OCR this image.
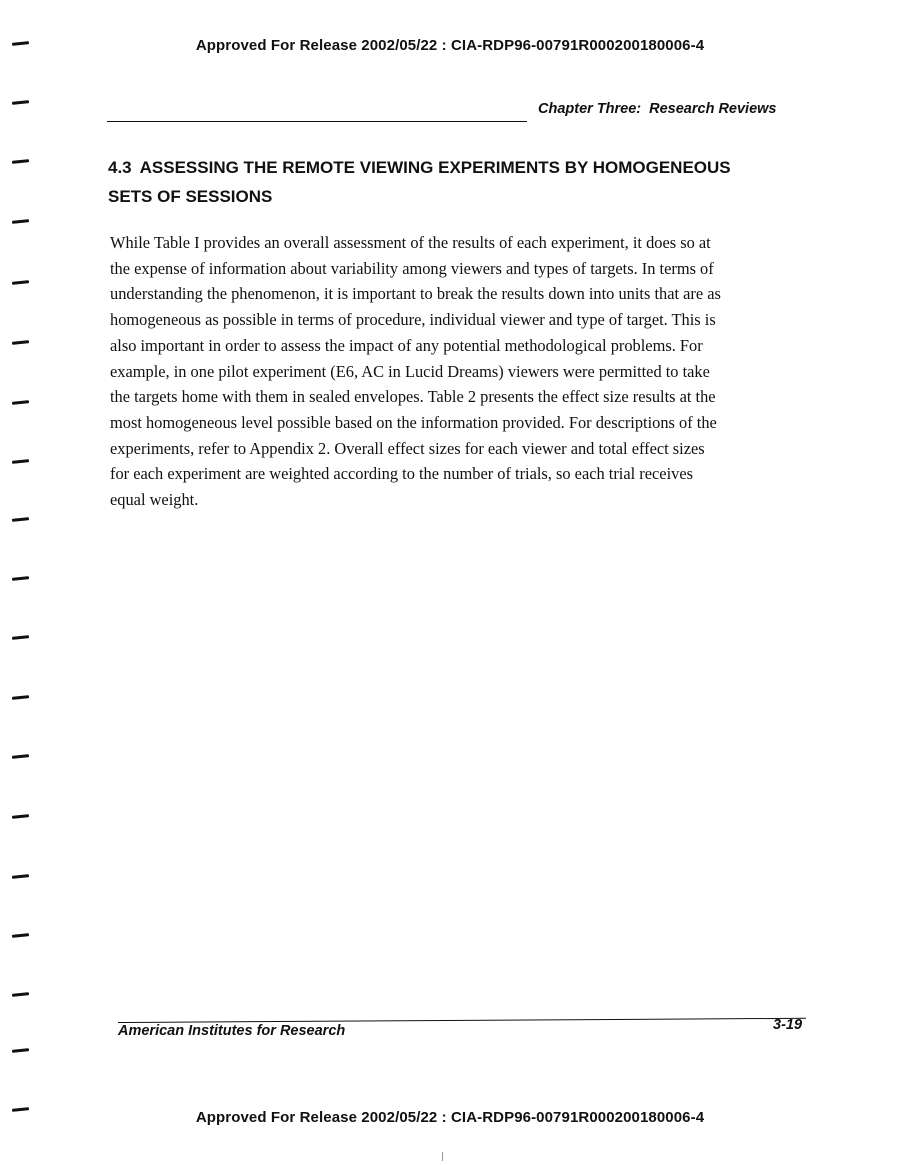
Approved For Release 2002/05/22 : CIA-RDP96-00791R000200180006-4
Chapter Three: Research Reviews
4.3 ASSESSING THE REMOTE VIEWING EXPERIMENTS BY HOMOGENEOUS
SETS OF SESSIONS
While Table I provides an overall assessment of the results of each experiment, it does so at
the expense of information about variability among viewers and types of targets. In terms of
understanding the phenomenon, it is important to break the results down into units that are as
homogeneous as possible in terms of procedure, individual viewer and type of target. This is
also important in order to assess the impact of any potential methodological problems. For
example, in one pilot experiment (E6, AC in Lucid Dreams) viewers were permitted to take
the targets home with them in sealed envelopes. Table 2 presents the effect size results at the
most homogeneous level possible based on the information provided. For descriptions of the
experiments, refer to Appendix 2. Overall effect sizes for each viewer and total effect sizes
for each experiment are weighted according to the number of trials, so each trial receives
equal weight.
American Institutes for Research	3-19
Approved For Release 2002/05/22 : CIA-RDP96-00791R000200180006-4
